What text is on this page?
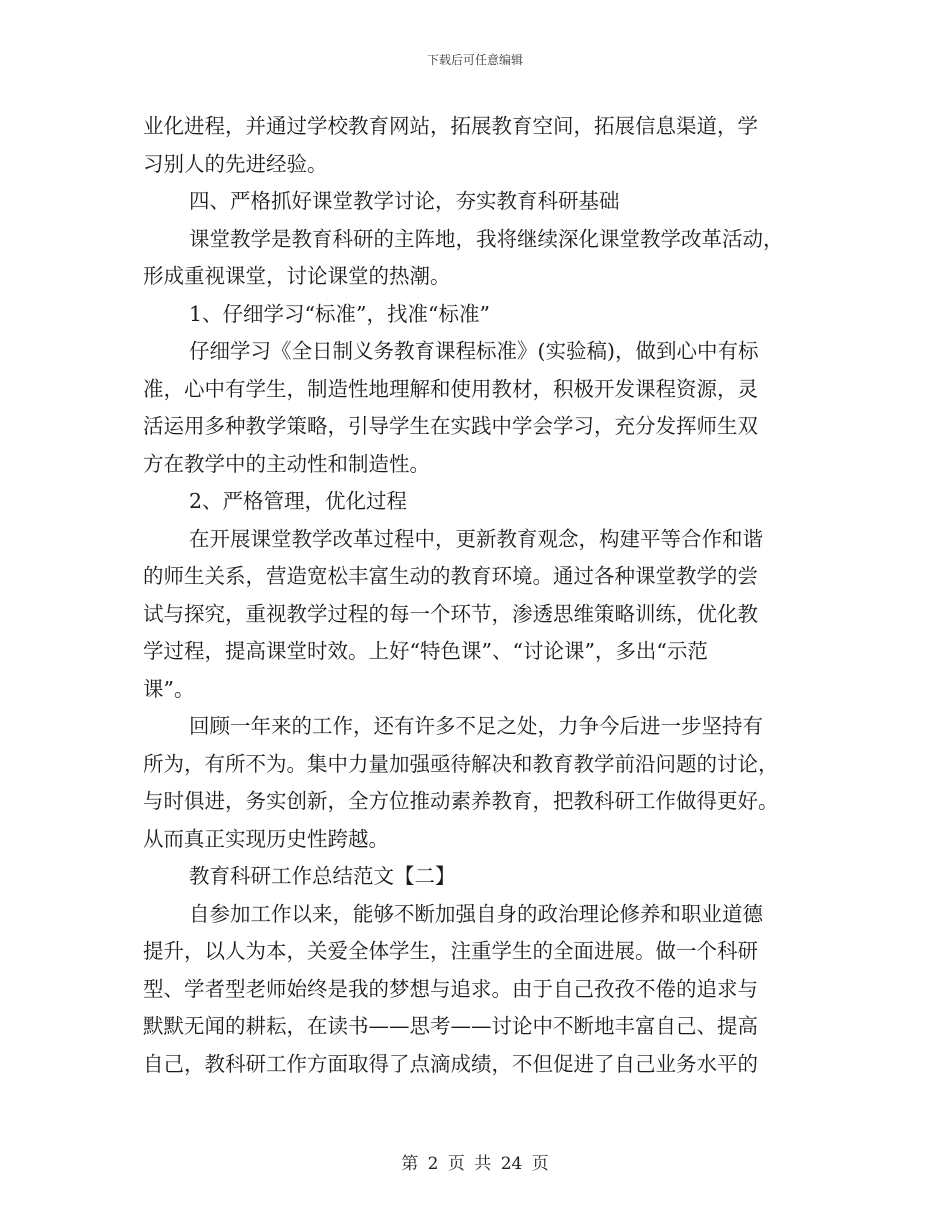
下载后可任意编辑
业化进程，并通过学校教育网站，拓展教育空间，拓展信息渠道，学
习别人的先进经验。
四、严格抓好课堂教学讨论，夯实教育科研基础
课堂教学是教育科研的主阵地，我将继续深化课堂教学改革活动，
形成重视课堂，讨论课堂的热潮。
1、仔细学习“标准”，找准“标准”
仔细学习《全日制义务教育课程标准》(实验稿)，做到心中有标
准，心中有学生，制造性地理解和使用教材，积极开发课程资源，灵
活运用多种教学策略，引导学生在实践中学会学习，充分发挥师生双
方在教学中的主动性和制造性。
2、严格管理，优化过程
在开展课堂教学改革过程中，更新教育观念，构建平等合作和谐
的师生关系，营造宽松丰富生动的教育环境。通过各种课堂教学的尝
试与探究，重视教学过程的每一个环节，渗透思维策略训练，优化教
学过程，提高课堂时效。上好“特色课”、“讨论课”，多出“示范
课”。
回顾一年来的工作，还有许多不足之处，力争今后进一步坚持有
所为，有所不为。集中力量加强亟待解决和教育教学前沿问题的讨论，
与时俱进，务实创新，全方位推动素养教育，把教科研工作做得更好。
从而真正实现历史性跨越。
教育科研工作总结范文【二】
自参加工作以来，能够不断加强自身的政治理论修养和职业道德
提升，以人为本，关爱全体学生，注重学生的全面进展。做一个科研
型、学者型老师始终是我的梦想与追求。由于自己孜孜不倦的追求与
默默无闻的耕耘，在读书——思考——讨论中不断地丰富自己、提高
自己，教科研工作方面取得了点滴成绩，不但促进了自己业务水平的
第 2 页 共 24 页
